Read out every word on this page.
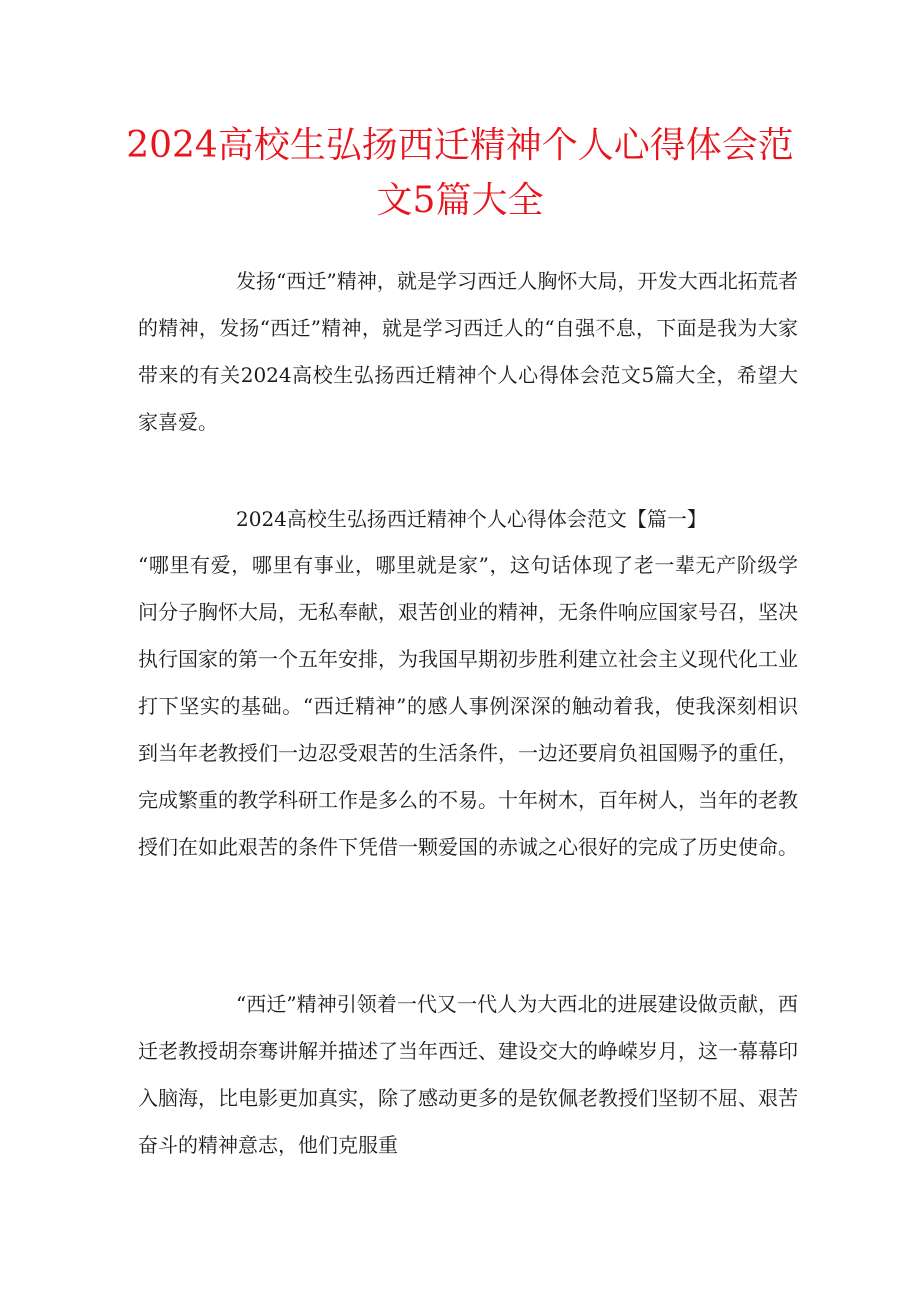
2024高校生弘扬西迁精神个人心得体会范文5篇大全

发扬“西迁”精神，就是学习西迁人胸怀大局，开发大西北拓荒者的精神，发扬“西迁”精神，就是学习西迁人的“自强不息，下面是我为大家带来的有关2024高校生弘扬西迁精神个人心得体会范文5篇大全，希望大家喜爱。

2024高校生弘扬西迁精神个人心得体会范文【篇一】

“哪里有爱，哪里有事业，哪里就是家”，这句话体现了老一辈无产阶级学问分子胸怀大局，无私奉献，艰苦创业的精神，无条件响应国家号召，坚决执行国家的第一个五年安排，为我国早期初步胜利建立社会主义现代化工业打下坚实的基础。“西迁精神”的感人事例深深的触动着我，使我深刻相识到当年老教授们一边忍受艰苦的生活条件，一边还要肩负祖国赐予的重任，完成繁重的教学科研工作是多么的不易。十年树木，百年树人，当年的老教授们在如此艰苦的条件下凭借一颗爱国的赤诚之心很好的完成了历史使命。

“西迁”精神引领着一代又一代人为大西北的进展建设做贡献，西迁老教授胡奈骞讲解并描述了当年西迁、建设交大的峥嵘岁月，这一幕幕印入脑海，比电影更加真实，除了感动更多的是钦佩老教授们坚韧不屈、艰苦奋斗的精神意志，他们克服重
